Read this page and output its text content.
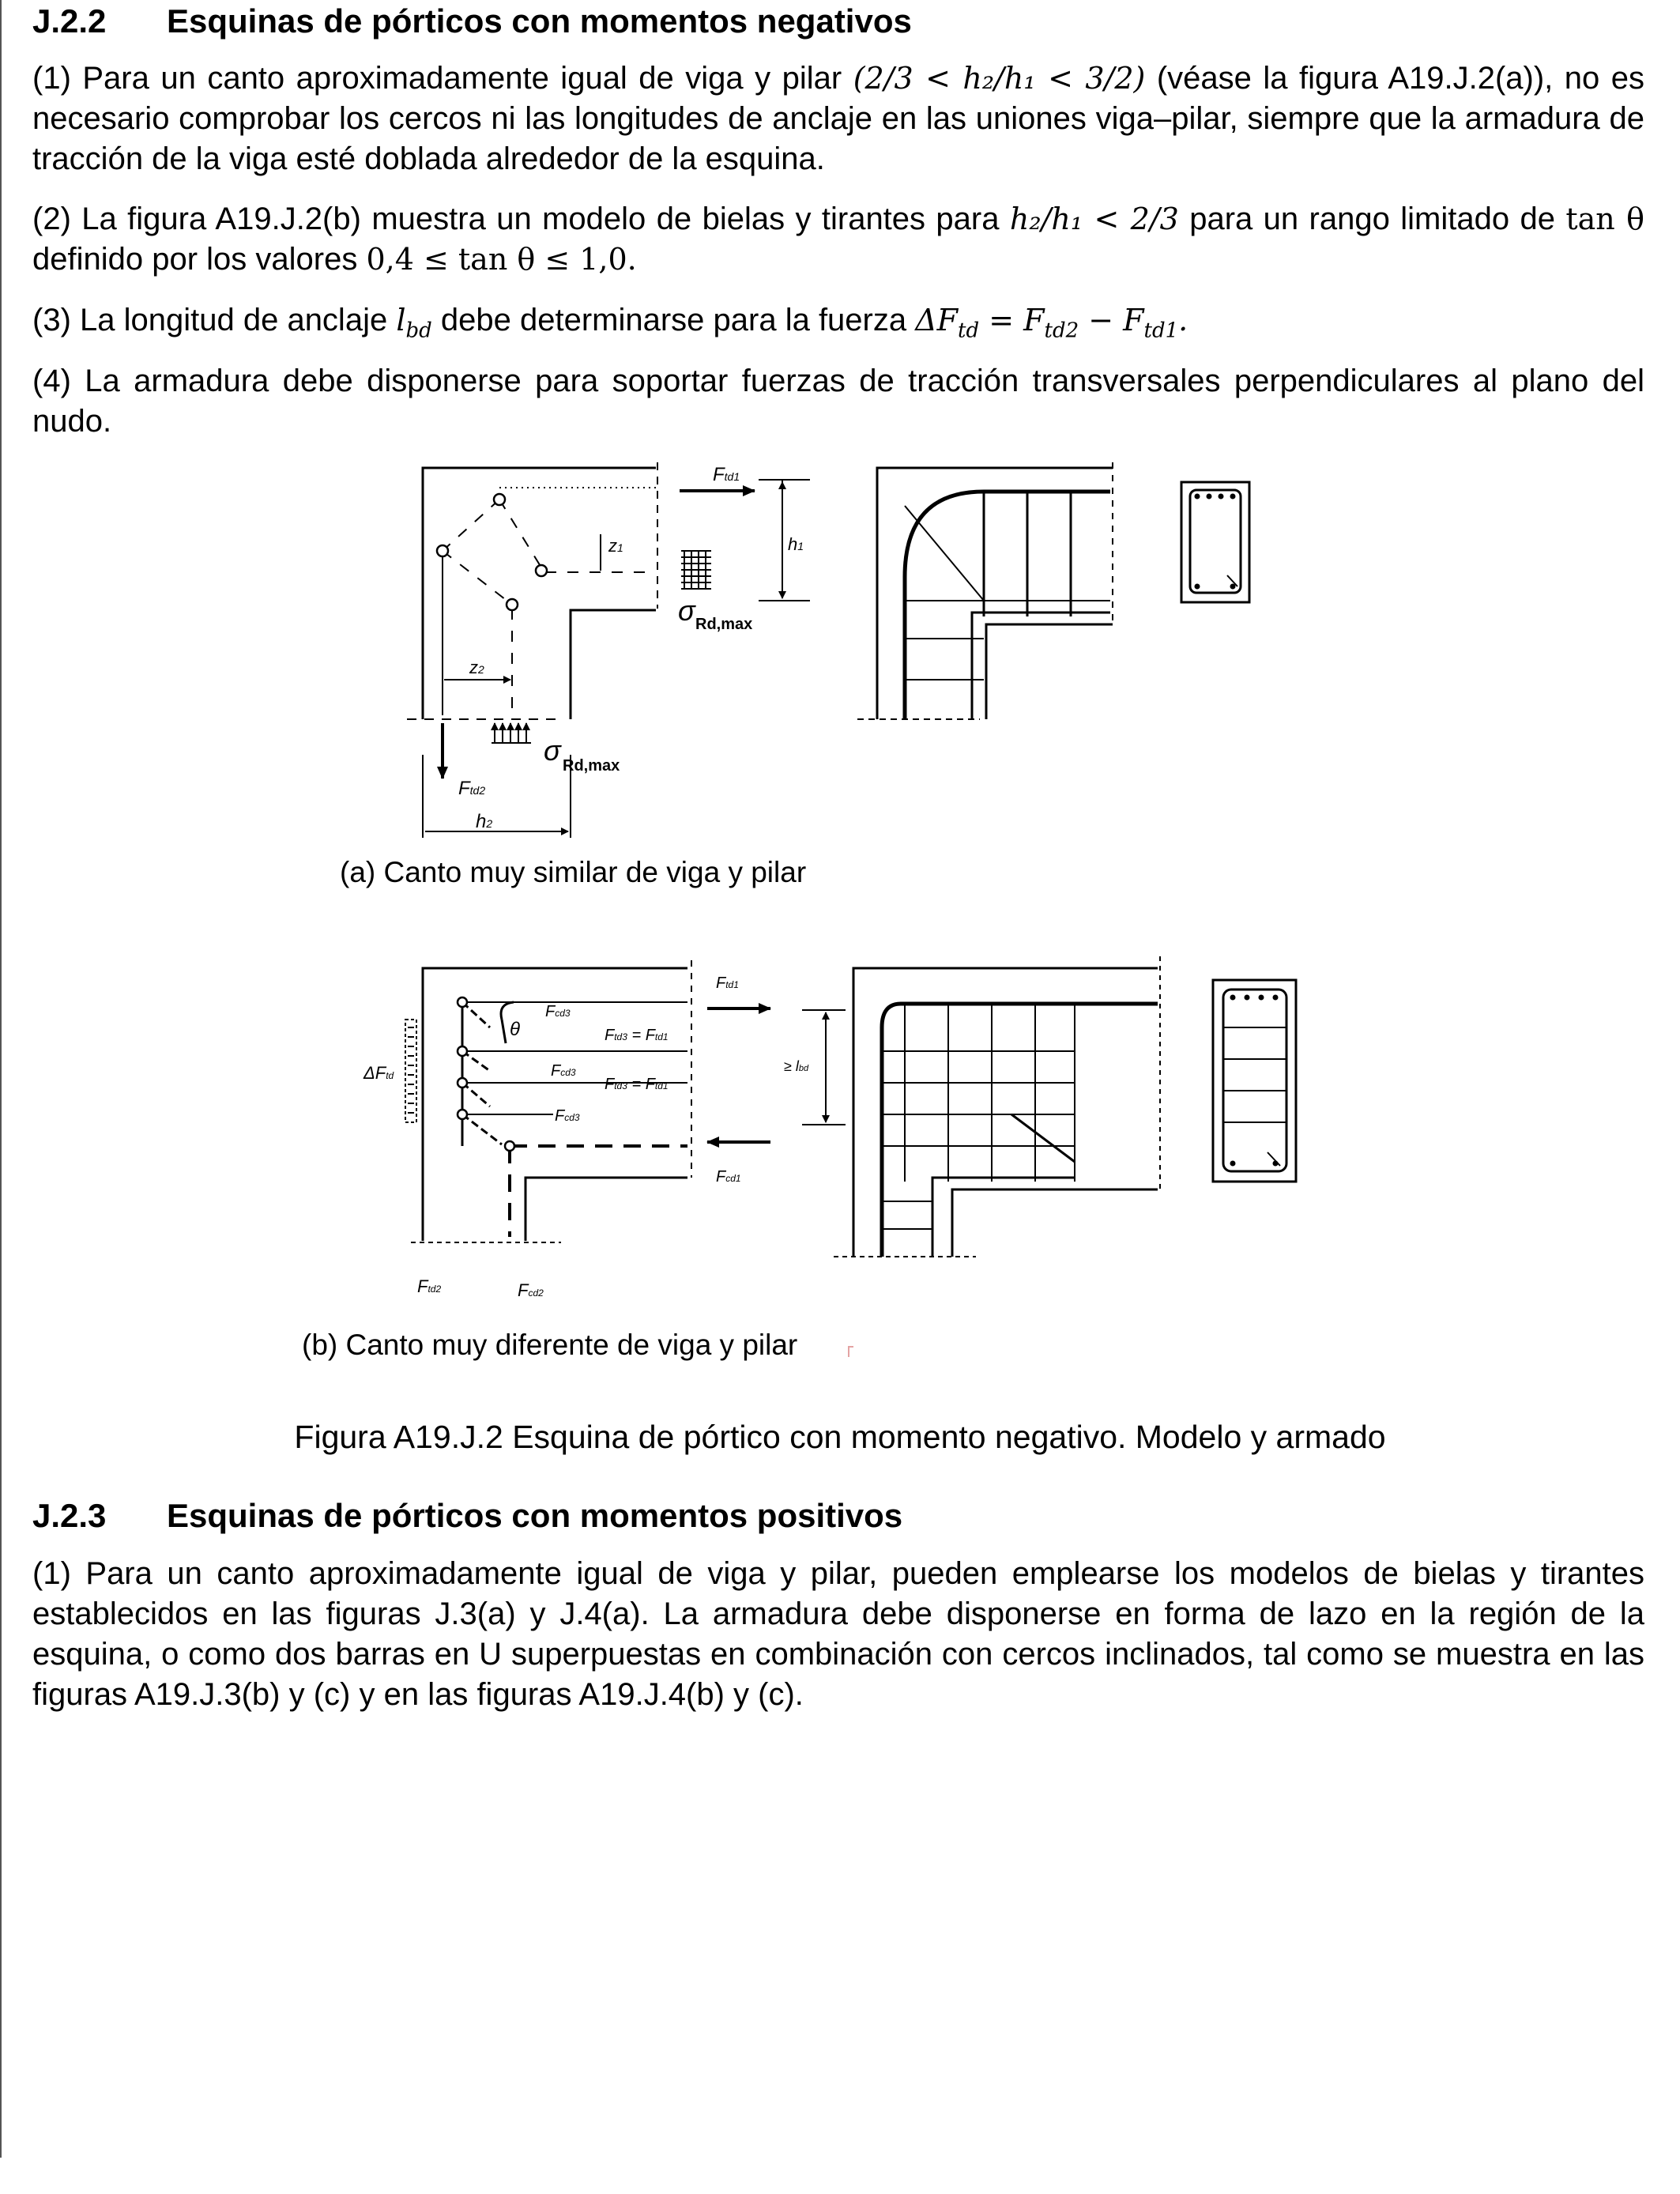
J.2.2 Esquinas de pórticos con momentos negativos
(1) Para un canto aproximadamente igual de viga y pilar (2/3 < h₂/h₁ < 3/2) (véase la figura A19.J.2(a)), no es necesario comprobar los cercos ni las longitudes de anclaje en las uniones viga–pilar, siempre que la armadura de tracción de la viga esté doblada alrededor de la esquina.
(2) La figura A19.J.2(b) muestra un modelo de bielas y tirantes para h₂/h₁ < 2/3 para un rango limitado de tan θ definido por los valores 0,4 ≤ tan θ ≤ 1,0.
(3) La longitud de anclaje $l_{bd}$ debe determinarse para la fuerza $\Delta F_{td} = F_{td2} - F_{td1}$.
(4) La armadura debe disponerse para soportar fuerzas de tracción transversales perpendiculares al plano del nudo.
z1
z2
Ftd1
h1
σ Rd,max
σ Rd,max
Ftd2
h2
Fcd3
θ	Ftd3 = Ftd1
Fcd3
Ftd3 = Ftd1
Fcd3
ΔFtd
Ftd1
Fcd1
≥ lbd
Ftd2	Fcd2
(a) Canto muy similar de viga y pilar
(b) Canto muy diferente de viga y pilar
Figura A19.J.2 Esquina de pórtico con momento negativo. Modelo y armado
J.2.3 Esquinas de pórticos con momentos positivos
(1) Para un canto aproximadamente igual de viga y pilar, pueden emplearse los modelos de bielas y tirantes establecidos en las figuras J.3(a) y J.4(a). La armadura debe disponerse en forma de lazo en la región de la esquina, o como dos barras en U superpuestas en combinación con cercos inclinados, tal como se muestra en las figuras A19.J.3(b) y (c) y en las figuras A19.J.4(b) y (c).
